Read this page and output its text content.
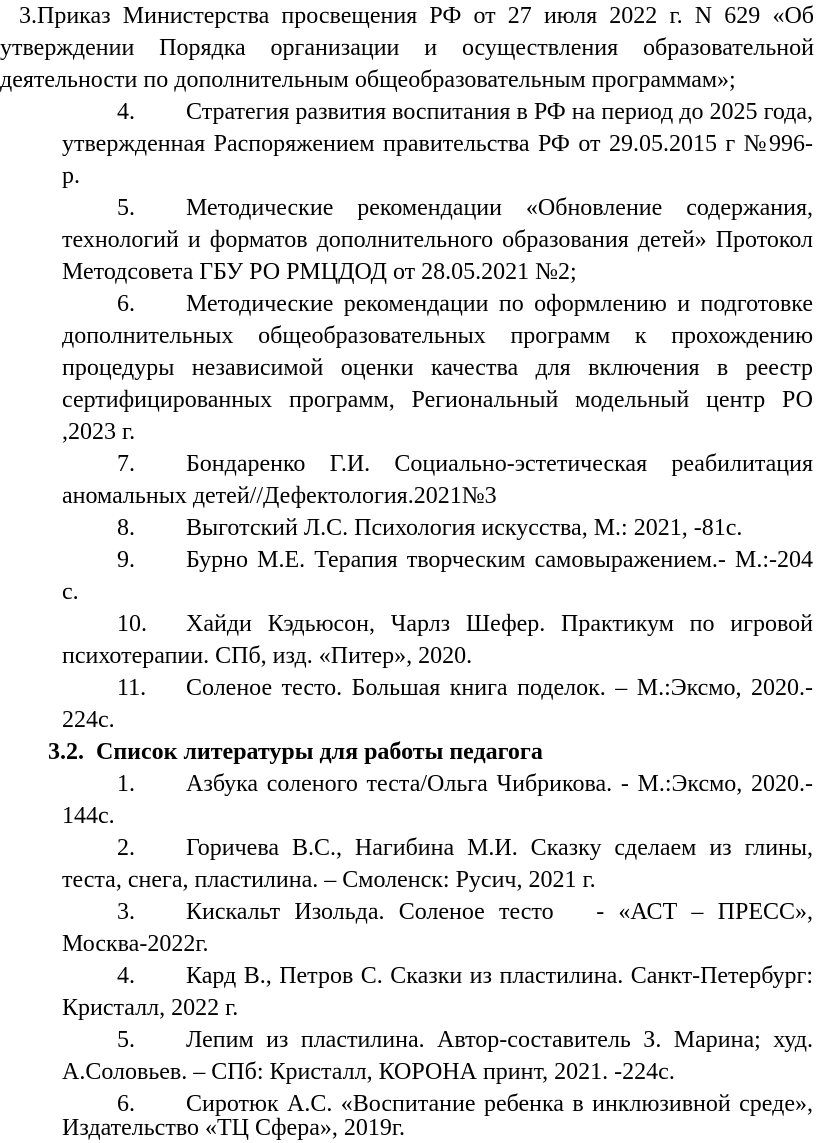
3.Приказ Министерства просвещения РФ от 27 июля 2022 г. N 629 «Об
утверждении Порядка организации и осуществления образовательной
деятельности по дополнительным общеобразовательным программам»;
4. Стратегия развития воспитания в РФ на период до 2025 года,
утвержденная Распоряжением правительства РФ от 29.05.2015 г №996-
р.
5. Методические рекомендации «Обновление содержания,
технологий и форматов дополнительного образования детей» Протокол
Методсовета ГБУ РО РМЦДОД от 28.05.2021 №2;
6. Методические рекомендации по оформлению и подготовке
дополнительных общеобразовательных программ к прохождению
процедуры независимой оценки качества для включения в реестр
сертифицированных программ, Региональный модельный центр РО
,2023 г.
7. Бондаренко Г.И. Социально-эстетическая реабилитация
аномальных детей//Дефектология.2021№3
8. Выготский Л.С. Психология искусства, М.: 2021, -81с.
9. Бурно М.Е. Терапия творческим самовыражением.- М.:-204
с.
10. Хайди Кэдьюсон, Чарлз Шефер. Практикум по игровой
психотерапии. СПб, изд. «Питер», 2020.
11. Соленое тесто. Большая книга поделок. – М.:Эксмо, 2020.-
224с.
3.2.  Список литературы для работы педагога
1. Азбука соленого теста/Ольга Чибрикова. - М.:Эксмо, 2020.-
144с.
2. Горичева В.С., Нагибина М.И. Сказку сделаем из глины,
теста, снега, пластилина. – Смоленск: Русич, 2021 г.
3. Кискальт Изольда. Соленое тесто   - «АСТ – ПРЕСС»,
Москва-2022г.
4. Кард В., Петров С. Сказки из пластилина. Санкт-Петербург:
Кристалл, 2022 г.
5. Лепим из пластилина. Автор-составитель З. Марина; худ.
А.Соловьев. – СПб: Кристалл, КОРОНА принт, 2021. -224с.
6. Сиротюк А.С. «Воспитание ребенка в инклюзивной среде»,
Издательство «ТЦ Сфера», 2019г.
